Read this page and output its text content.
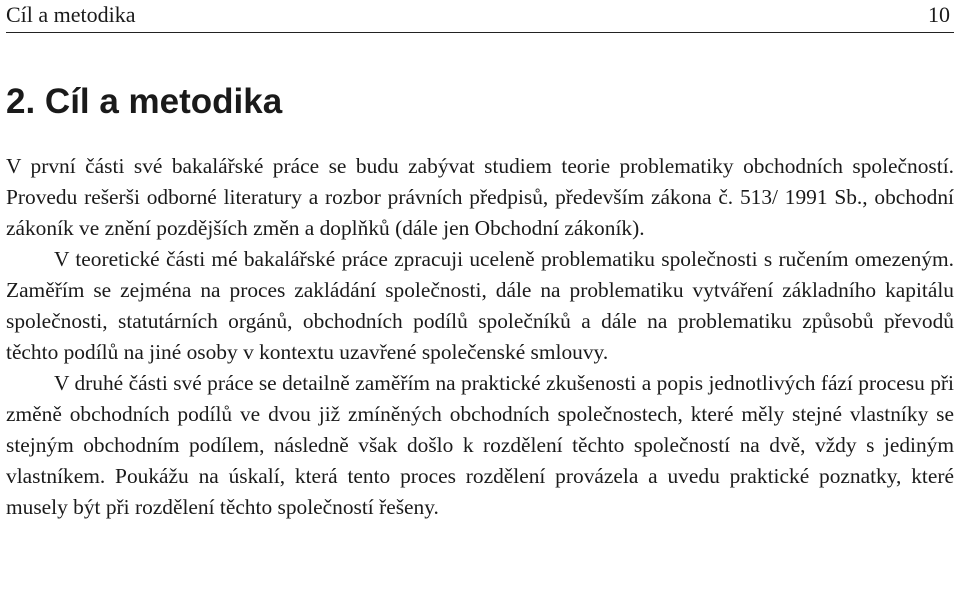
Cíl a metodika	10
2. Cíl a metodika

V první části své bakalářské práce se budu zabývat studiem teorie problematiky obchodních společností. Provedu rešerši odborné literatury a rozbor právních předpisů, především zákona č. 513/ 1991 Sb., obchodní zákoník ve znění pozdějších změn a doplňků (dále jen Obchodní zákoník).

V teoretické části mé bakalářské práce zpracuji uceleně problematiku společnosti s ručením omezeným. Zaměřím se zejména na proces zakládání společnosti, dále na problematiku vytváření základního kapitálu společnosti, statutárních orgánů, obchodních podílů společníků a dále na problematiku způsobů převodů těchto podílů na jiné osoby v kontextu uzavřené společenské smlouvy.

V druhé části své práce se detailně zaměřím na praktické zkušenosti a popis jednotlivých fází procesu při změně obchodních podílů ve dvou již zmíněných obchodních společnostech, které měly stejné vlastníky se stejným obchodním podílem, následně však došlo k rozdělení těchto společností na dvě, vždy s jediným vlastníkem. Poukážu na úskalí, která tento proces rozdělení provázela a uvedu praktické poznatky, které musely být při rozdělení těchto společností řešeny.
